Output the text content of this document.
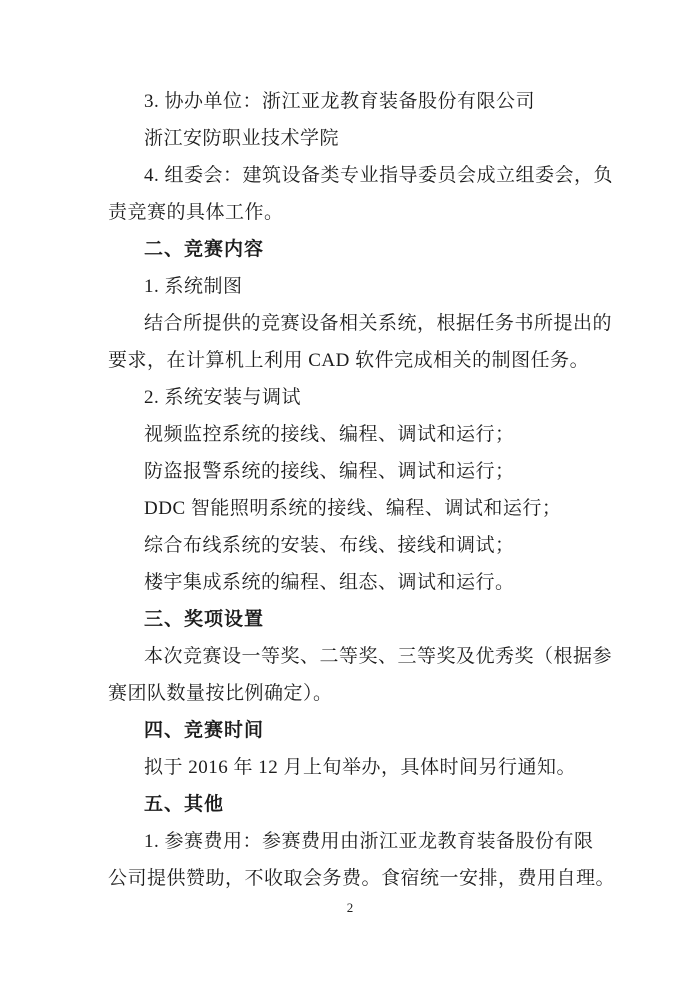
3. 协办单位：浙江亚龙教育装备股份有限公司
浙江安防职业技术学院
4. 组委会：建筑设备类专业指导委员会成立组委会，负
责竞赛的具体工作。
二、竞赛内容
1. 系统制图
结合所提供的竞赛设备相关系统，根据任务书所提出的
要求，在计算机上利用 CAD 软件完成相关的制图任务。
2. 系统安装与调试
视频监控系统的接线、编程、调试和运行；
防盗报警系统的接线、编程、调试和运行；
DDC 智能照明系统的接线、编程、调试和运行；
综合布线系统的安装、布线、接线和调试；
楼宇集成系统的编程、组态、调试和运行。
三、奖项设置
本次竞赛设一等奖、二等奖、三等奖及优秀奖（根据参
赛团队数量按比例确定）。
四、竞赛时间
拟于 2016 年 12 月上旬举办，具体时间另行通知。
五、其他
1. 参赛费用：参赛费用由浙江亚龙教育装备股份有限
公司提供赞助，不收取会务费。食宿统一安排，费用自理。
2
